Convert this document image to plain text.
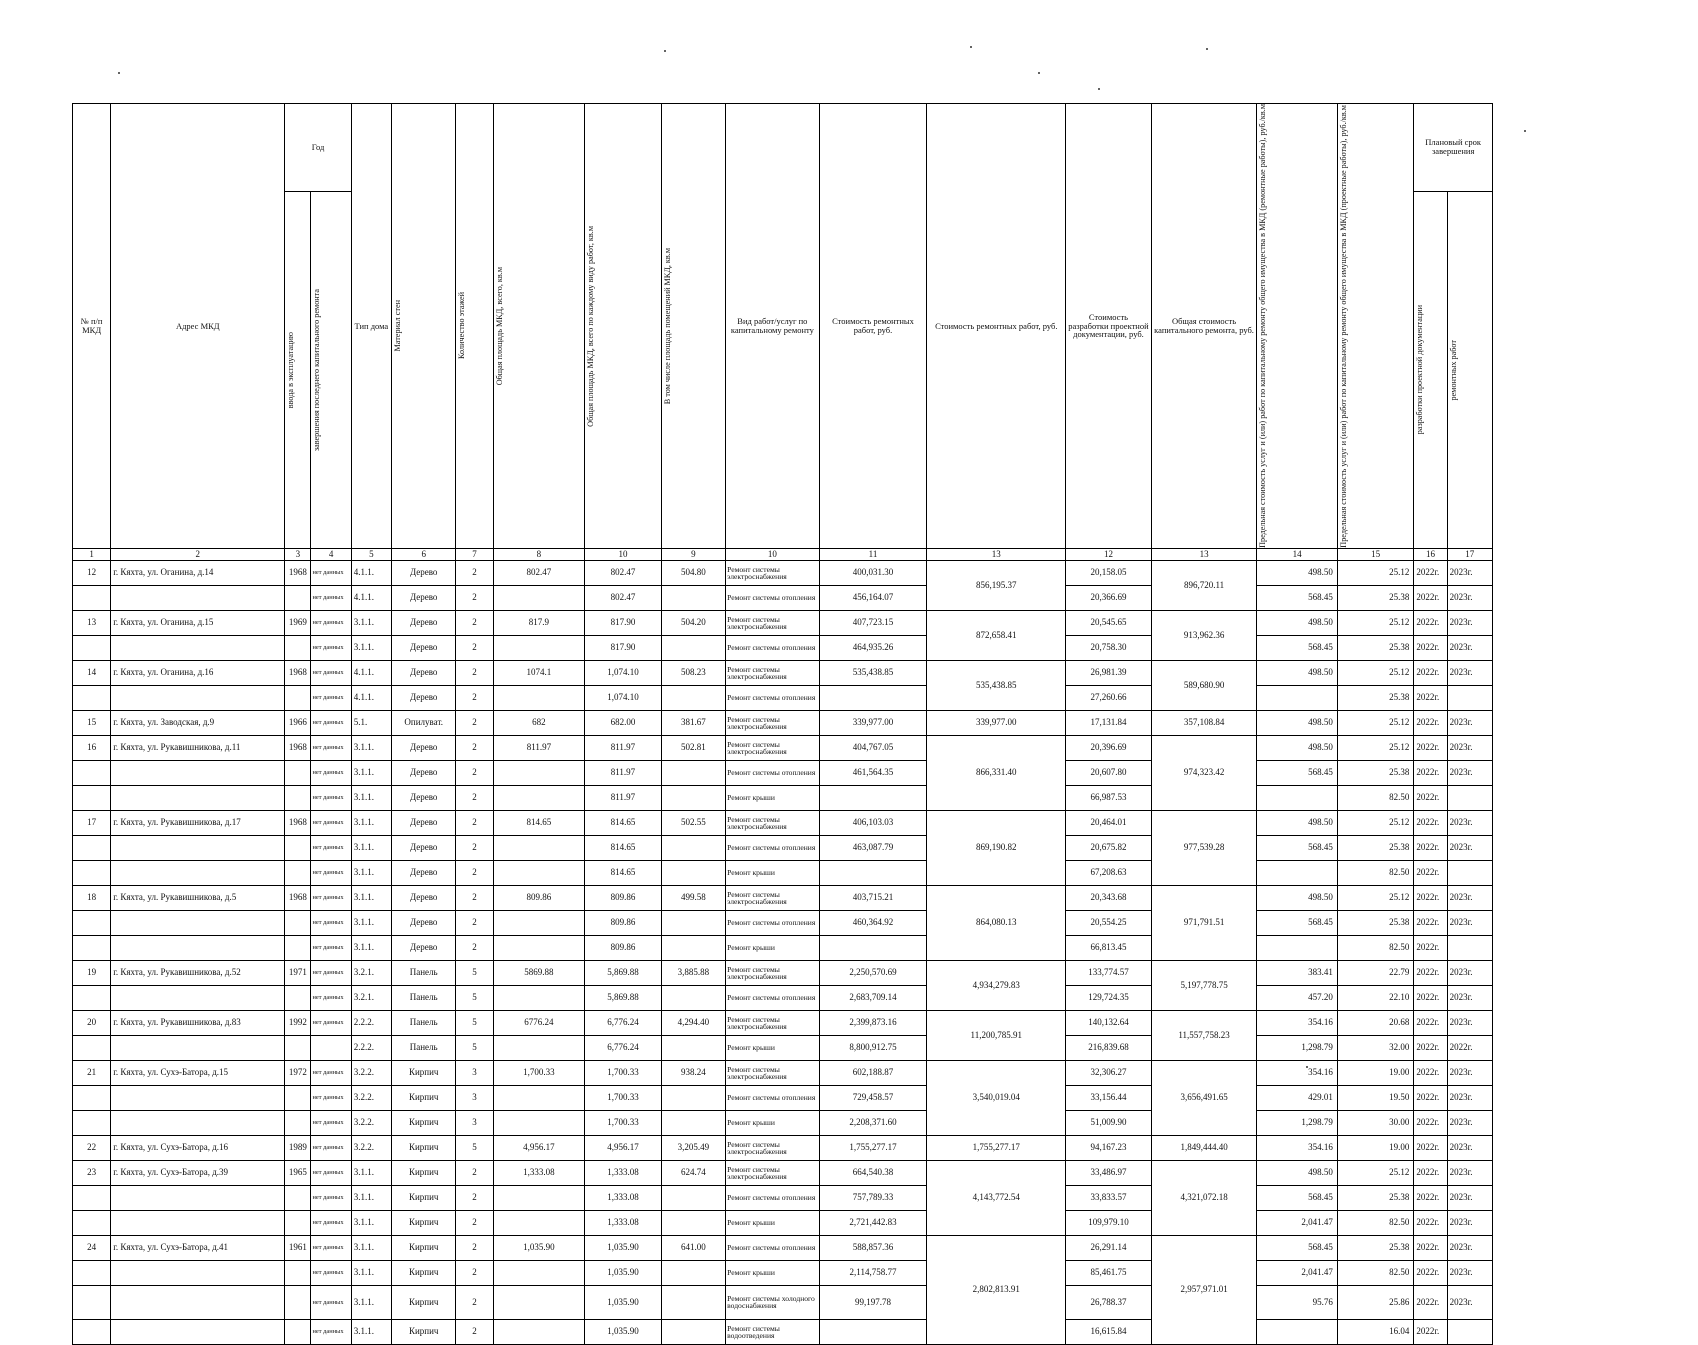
№ п/п МКД	Адрес МКД	Год		Тип дома	Материал стен	Количество этажей	Общая площадь МКД, всего, кв.м	Общая площадь МКД, всего по каждому виду работ, кв.м	В том числе площадь помещений МКД, кв.м	Вид работ/услуг по капитальному ремонту	Стоимость ремонтных работ, руб.	Стоимость ремонтных работ, руб.	Стоимость разработки проектной документации, руб.	Общая стоимость капитального ремонта, руб.	Предельная стоимость услуг и (или) работ по капитальному ремонту общего имущества в МКД (ремонтные работы), руб./кв.м	Предельная стоимость услуг и (или) работ по капитальному ремонту общего имущества в МКД (проектные работы), руб./кв.м	Плановый срок завершения	

		ввода в эксплуатацию	завершения последнего капитального ремонта														разработки проектной документации	ремонтных работ

1	2	3	4	5	6	7	8	10	9	10	11	13	12	13	14	15	16	17
12	г. Кяхта, ул. Оганина, д.14	1968	нет данных	4.1.1.	Дерево	2	802.47	802.47	504.80	Ремонт системы электроснабжения	400,031.30	856,195.37	20,158.05	896,720.11	498.50	25.12	2022г.	2023г.
			нет данных	4.1.1.	Дерево	2		802.47		Ремонт системы отопления	456,164.07		20,366.69		568.45	25.38	2022г.	2023г.
13	г. Кяхта, ул. Оганина, д.15	1969	нет данных	3.1.1.	Дерево	2	817.9	817.90	504.20	Ремонт системы электроснабжения	407,723.15	872,658.41	20,545.65	913,962.36	498.50	25.12	2022г.	2023г.
			нет данных	3.1.1.	Дерево	2		817.90		Ремонт системы отопления	464,935.26		20,758.30		568.45	25.38	2022г.	2023г.
14	г. Кяхта, ул. Оганина, д.16	1968	нет данных	4.1.1.	Дерево	2	1074.1	1,074.10	508.23	Ремонт системы электроснабжения	535,438.85	535,438.85	26,981.39	589,680.90	498.50	25.12	2022г.	2023г.
			нет данных	4.1.1.	Дерево	2		1,074.10		Ремонт системы отопления			27,260.66			25.38	2022г.	
15	г. Кяхта, ул. Заводская, д.9	1966	нет данных	5.1.	Опилуват.	2	682	682.00	381.67	Ремонт системы электроснабжения	339,977.00	339,977.00	17,131.84	357,108.84	498.50	25.12	2022г.	2023г.
16	г. Кяхта, ул. Рукавишникова, д.11	1968	нет данных	3.1.1.	Дерево	2	811.97	811.97	502.81	Ремонт системы электроснабжения	404,767.05	866,331.40	20,396.69	974,323.42	498.50	25.12	2022г.	2023г.
			нет данных	3.1.1.	Дерево	2		811.97		Ремонт системы отопления	461,564.35		20,607.80		568.45	25.38	2022г.	2023г.
			нет данных	3.1.1.	Дерево	2		811.97		Ремонт крыши			66,987.53			82.50	2022г.	
17	г. Кяхта, ул. Рукавишникова, д.17	1968	нет данных	3.1.1.	Дерево	2	814.65	814.65	502.55	Ремонт системы электроснабжения	406,103.03	869,190.82	20,464.01	977,539.28	498.50	25.12	2022г.	2023г.
			нет данных	3.1.1.	Дерево	2		814.65		Ремонт системы отопления	463,087.79		20,675.82		568.45	25.38	2022г.	2023г.
			нет данных	3.1.1.	Дерево	2		814.65		Ремонт крыши			67,208.63			82.50	2022г.	
18	г. Кяхта, ул. Рукавишникова, д.5	1968	нет данных	3.1.1.	Дерево	2	809.86	809.86	499.58	Ремонт системы электроснабжения	403,715.21	864,080.13	20,343.68	971,791.51	498.50	25.12	2022г.	2023г.
			нет данных	3.1.1.	Дерево	2		809.86		Ремонт системы отопления	460,364.92		20,554.25		568.45	25.38	2022г.	2023г.
			нет данных	3.1.1.	Дерево	2		809.86		Ремонт крыши			66,813.45			82.50	2022г.	
19	г. Кяхта, ул. Рукавишникова, д.52	1971	нет данных	3.2.1.	Панель	5	5869.88	5,869.88	3,885.88	Ремонт системы электроснабжения	2,250,570.69	4,934,279.83	133,774.57	5,197,778.75	383.41	22.79	2022г.	2023г.
			нет данных	3.2.1.	Панель	5		5,869.88		Ремонт системы отопления	2,683,709.14		129,724.35		457.20	22.10	2022г.	2023г.
20	г. Кяхта, ул. Рукавишникова, д.83	1992	нет данных	2.2.2.	Панель	5	6776.24	6,776.24	4,294.40	Ремонт системы электроснабжения	2,399,873.16	11,200,785.91	140,132.64	11,557,758.23	354.16	20.68	2022г.	2023г.
				2.2.2.	Панель	5		6,776.24		Ремонт крыши	8,800,912.75		216,839.68		1,298.79	32.00	2022г.	2022г.
21	г. Кяхта, ул. Сухэ-Батора, д.15	1972	нет данных	3.2.2.	Кирпич	3	1,700.33	1,700.33	938.24	Ремонт системы электроснабжения	602,188.87	3,540,019.04	32,306.27	3,656,491.65	354.16	19.00	2022г.	2023г.
			нет данных	3.2.2.	Кирпич	3		1,700.33		Ремонт системы отопления	729,458.57		33,156.44		429.01	19.50	2022г.	2023г.
			нет данных	3.2.2.	Кирпич	3		1,700.33		Ремонт крыши	2,208,371.60		51,009.90		1,298.79	30.00	2022г.	2023г.
22	г. Кяхта, ул. Сухэ-Батора, д.16	1989	нет данных	3.2.2.	Кирпич	5	4,956.17	4,956.17	3,205.49	Ремонт системы электроснабжения	1,755,277.17	1,755,277.17	94,167.23	1,849,444.40	354.16	19.00	2022г.	2023г.
23	г. Кяхта, ул. Сухэ-Батора, д.39	1965	нет данных	3.1.1.	Кирпич	2	1,333.08	1,333.08	624.74	Ремонт системы электроснабжения	664,540.38	4,143,772.54	33,486.97	4,321,072.18	498.50	25.12	2022г.	2023г.
			нет данных	3.1.1.	Кирпич	2		1,333.08		Ремонт системы отопления	757,789.33		33,833.57		568.45	25.38	2022г.	2023г.
			нет данных	3.1.1.	Кирпич	2		1,333.08		Ремонт крыши	2,721,442.83		109,979.10		2,041.47	82.50	2022г.	2023г.
24	г. Кяхта, ул. Сухэ-Батора, д.41	1961	нет данных	3.1.1.	Кирпич	2	1,035.90	1,035.90	641.00	Ремонт системы отопления	588,857.36	2,802,813.91	26,291.14	2,957,971.01	568.45	25.38	2022г.	2023г.
			нет данных	3.1.1.	Кирпич	2		1,035.90		Ремонт крыши	2,114,758.77		85,461.75		2,041.47	82.50	2022г.	2023г.
			нет данных	3.1.1.	Кирпич	2		1,035.90		Ремонт системы холодного водоснабжения	99,197.78		26,788.37		95.76	25.86	2022г.	2023г.
			нет данных	3.1.1.	Кирпич	2		1,035.90		Ремонт системы водоотведения			16,615.84			16.04	2022г.	
